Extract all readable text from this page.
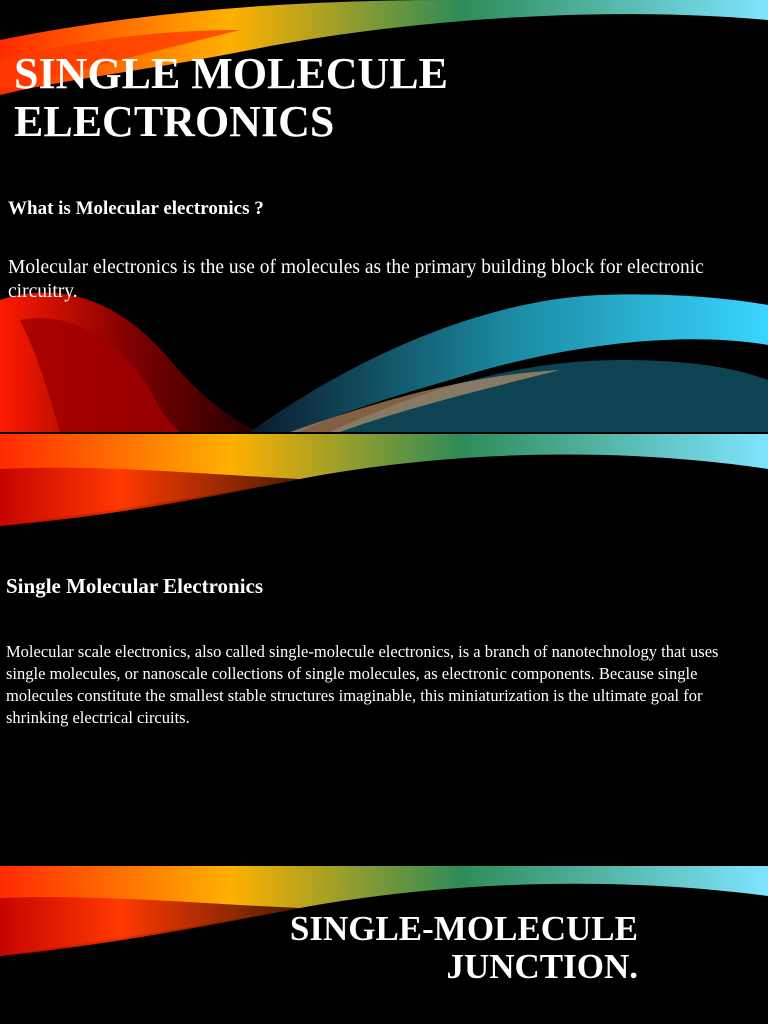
SINGLE MOLECULE
ELECTRONICS
What is Molecular electronics ?
Molecular electronics is the use of molecules as the primary building block for electronic circuitry.
Single Molecular Electronics
Molecular scale electronics, also called single-molecule electronics, is a branch of nanotechnology that uses single molecules, or nanoscale collections of single molecules, as electronic components. Because single molecules constitute the smallest stable structures imaginable, this miniaturization is the ultimate goal for shrinking electrical circuits.
SINGLE-MOLECULE
JUNCTION.
